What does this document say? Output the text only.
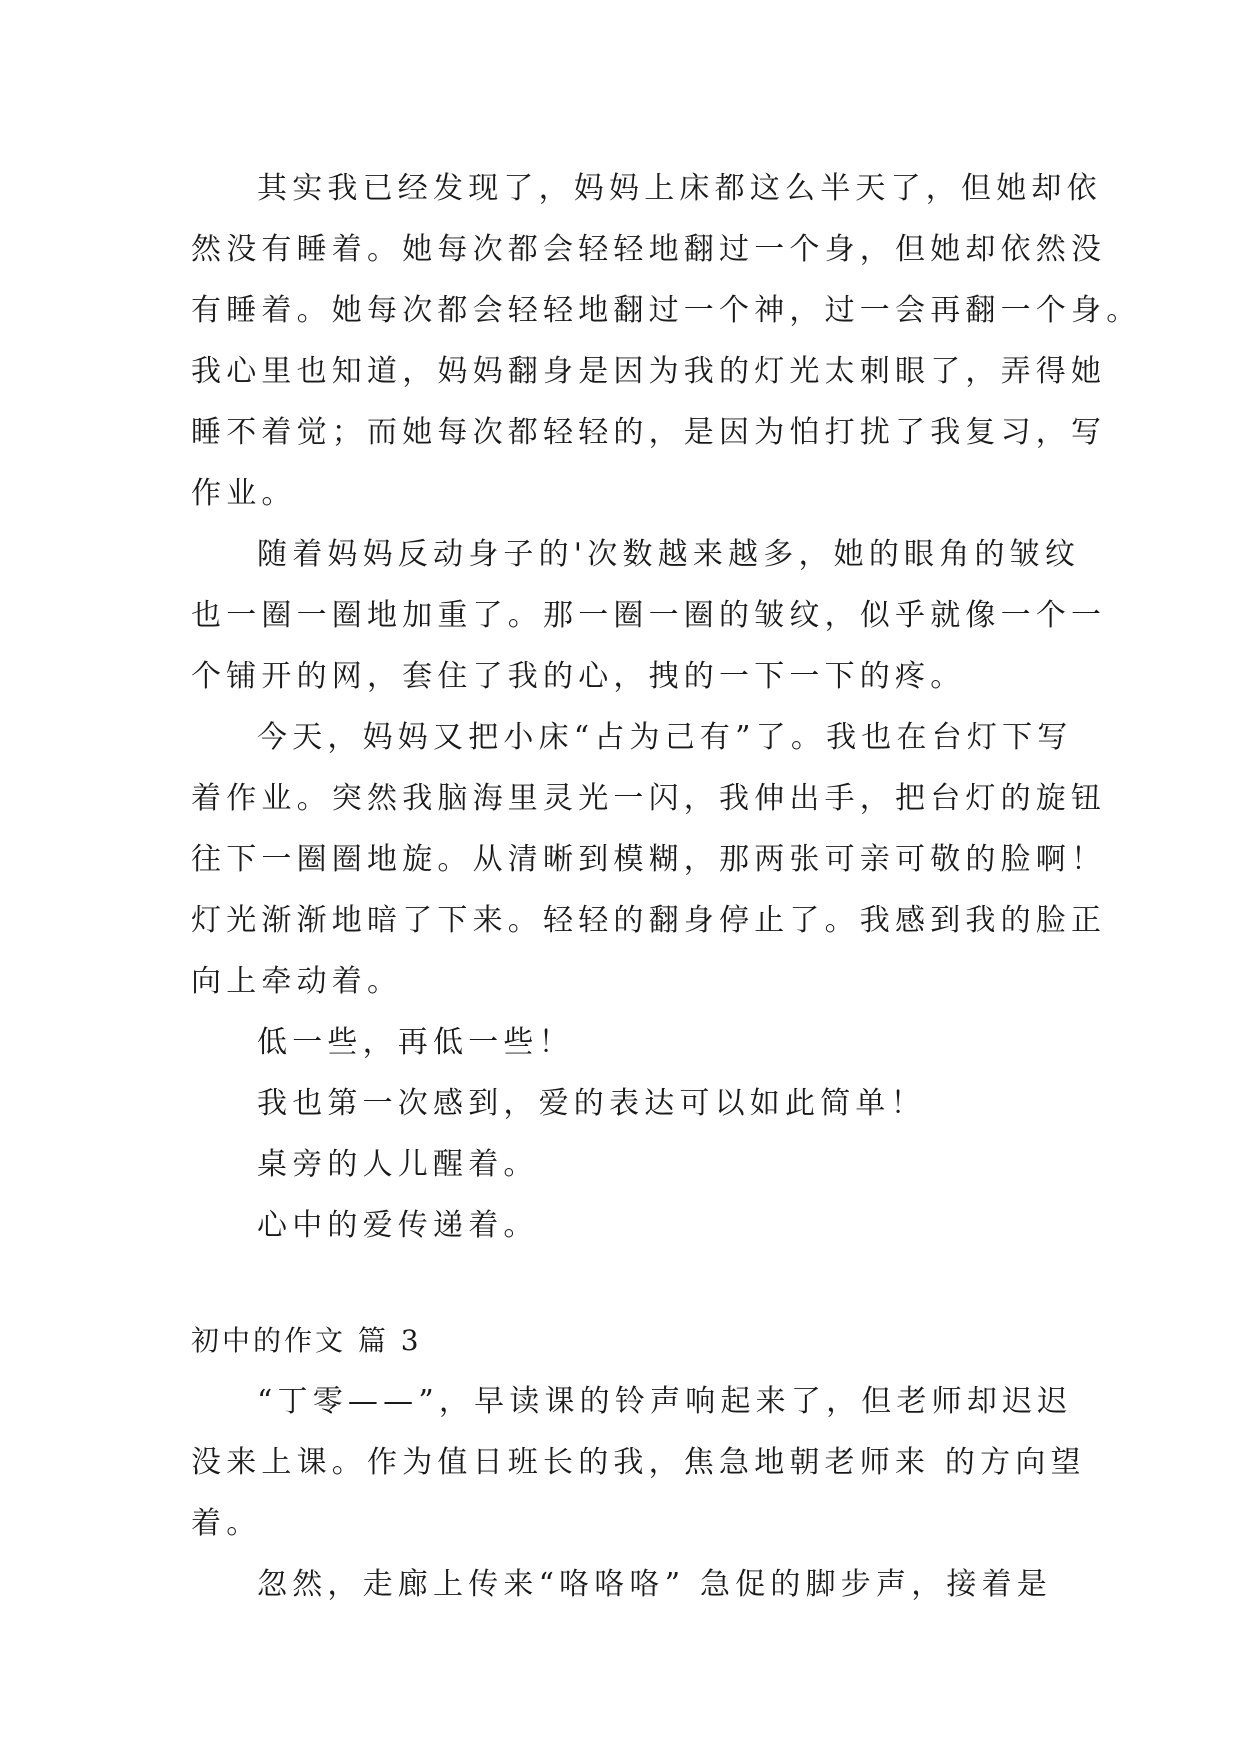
其实我已经发现了，妈妈上床都这么半天了，但她却依
然没有睡着。她每次都会轻轻地翻过一个身，但她却依然没
有睡着。她每次都会轻轻地翻过一个神，过一会再翻一个身。
我心里也知道，妈妈翻身是因为我的灯光太刺眼了，弄得她
睡不着觉；而她每次都轻轻的，是因为怕打扰了我复习，写
作业。
随着妈妈反动身子的'次数越来越多，她的眼角的皱纹
也一圈一圈地加重了。那一圈一圈的皱纹，似乎就像一个一
个铺开的网，套住了我的心，拽的一下一下的疼。
今天，妈妈又把小床“占为己有”了。我也在台灯下写
着作业。突然我脑海里灵光一闪，我伸出手，把台灯的旋钮
往下一圈圈地旋。从清晰到模糊，那两张可亲可敬的脸啊！
灯光渐渐地暗了下来。轻轻的翻身停止了。我感到我的脸正
向上牵动着。
低一些，再低一些！
我也第一次感到，爱的表达可以如此简单！
桌旁的人儿醒着。
心中的爱传递着。
初中的作文 篇 3
“丁零——”，早读课的铃声响起来了，但老师却迟迟
没来上课。作为值日班长的我，焦急地朝老师来 的方向望
着。
忽然，走廊上传来“咯咯咯” 急促的脚步声，接着是
